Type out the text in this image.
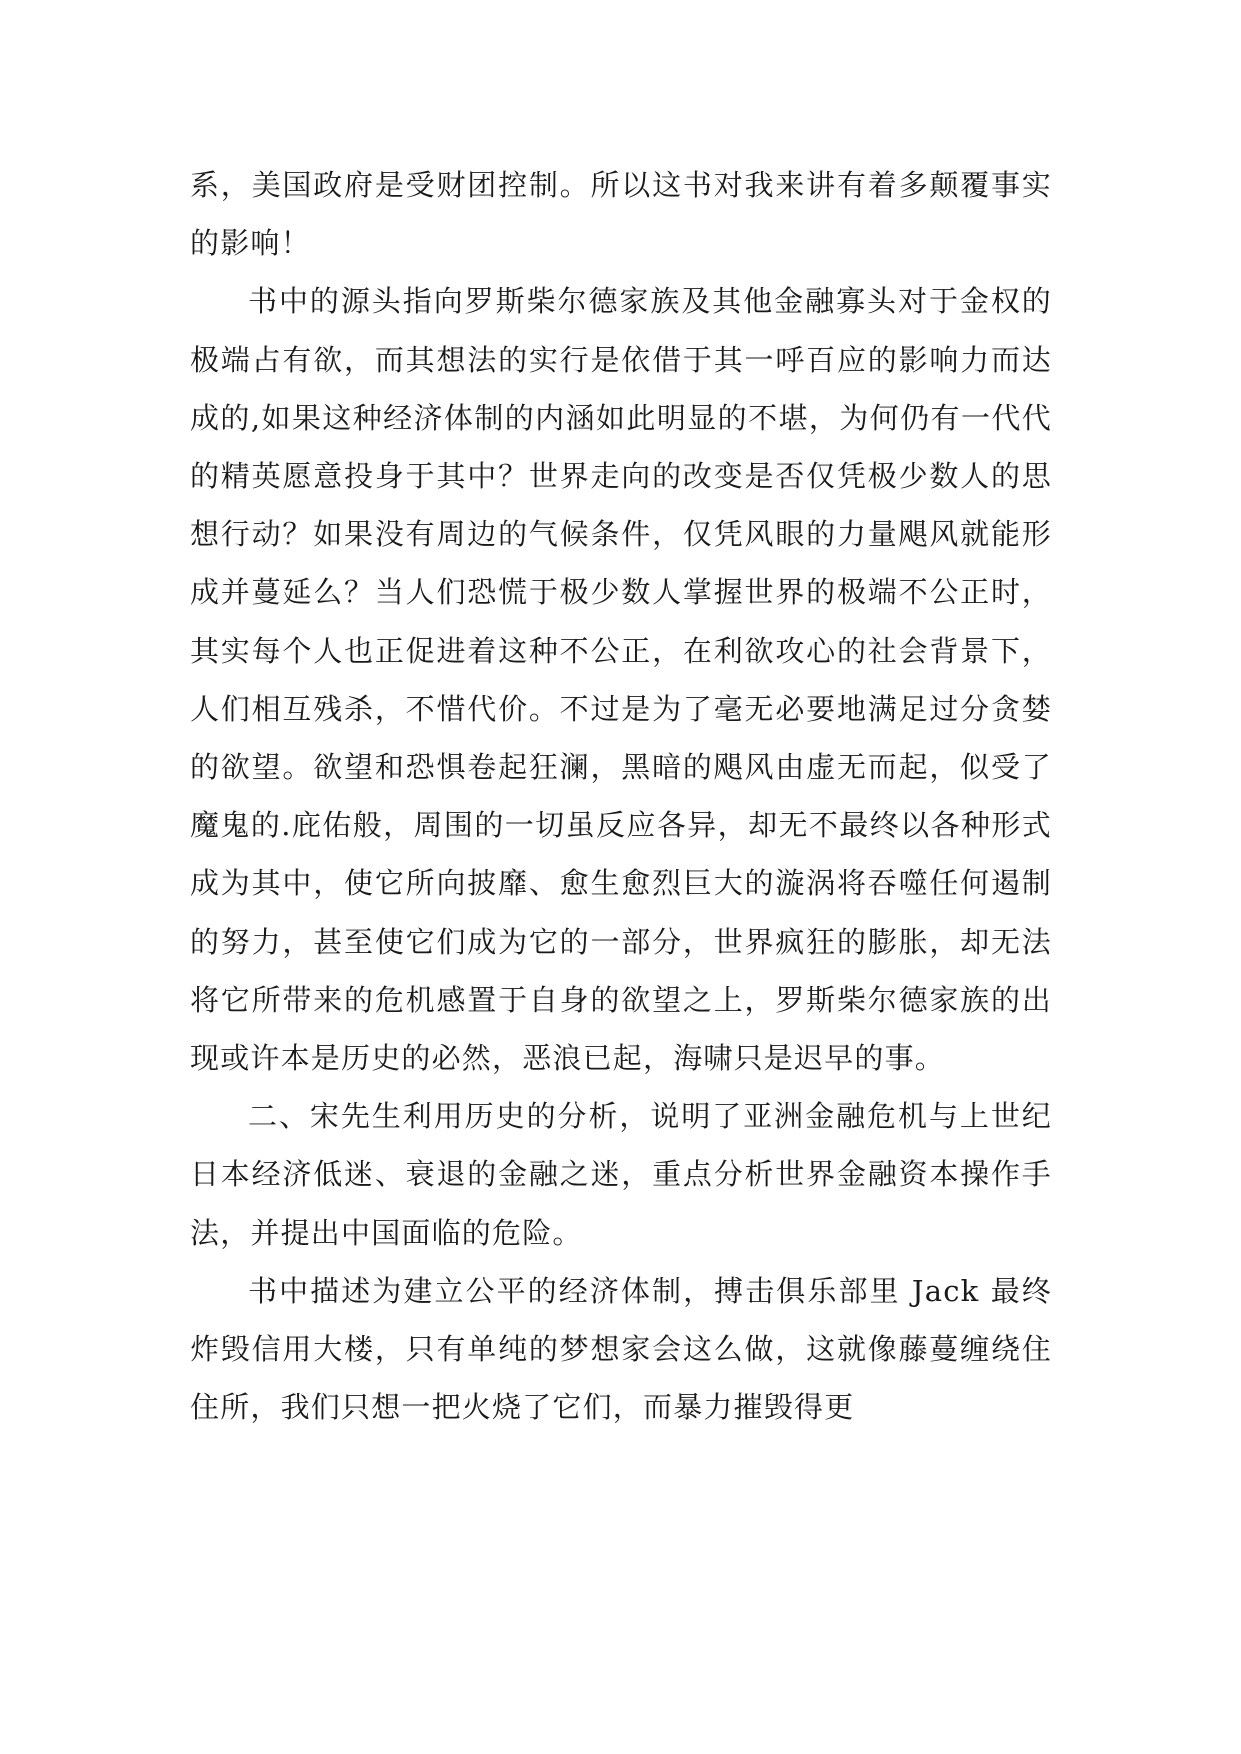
系，美国政府是受财团控制。所以这书对我来讲有着多颠覆事实的影响！

书中的源头指向罗斯柴尔德家族及其他金融寡头对于金权的极端占有欲，而其想法的实行是依借于其一呼百应的影响力而达成的,如果这种经济体制的内涵如此明显的不堪，为何仍有一代代的精英愿意投身于其中？世界走向的改变是否仅凭极少数人的思想行动？如果没有周边的气候条件，仅凭风眼的力量飓风就能形成并蔓延么？当人们恐慌于极少数人掌握世界的极端不公正时，其实每个人也正促进着这种不公正，在利欲攻心的社会背景下，人们相互残杀，不惜代价。不过是为了毫无必要地满足过分贪婪的欲望。欲望和恐惧卷起狂澜，黑暗的飓风由虚无而起，似受了魔鬼的.庇佑般，周围的一切虽反应各异，却无不最终以各种形式成为其中，使它所向披靡、愈生愈烈巨大的漩涡将吞噬任何遏制的努力，甚至使它们成为它的一部分，世界疯狂的膨胀，却无法将它所带来的危机感置于自身的欲望之上，罗斯柴尔德家族的出现或许本是历史的必然，恶浪已起，海啸只是迟早的事。

二、宋先生利用历史的分析，说明了亚洲金融危机与上世纪日本经济低迷、衰退的金融之迷，重点分析世界金融资本操作手法，并提出中国面临的危险。

书中描述为建立公平的经济体制，搏击俱乐部里 Jack 最终炸毁信用大楼，只有单纯的梦想家会这么做，这就像藤蔓缠绕住住所，我们只想一把火烧了它们，而暴力摧毁得更
